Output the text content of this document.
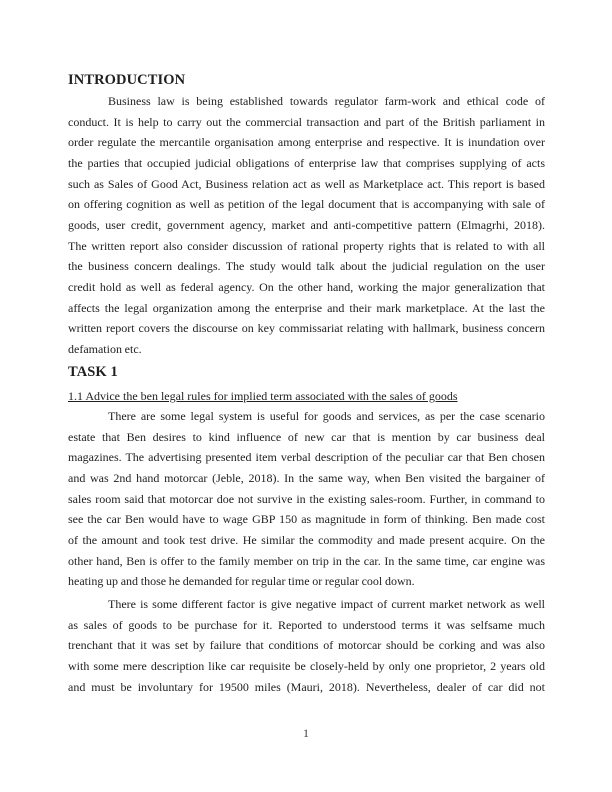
INTRODUCTION
Business law is being established towards regulator farm-work and ethical code of
conduct. It is help to carry out the commercial transaction and part of the British parliament in
order regulate the mercantile organisation among enterprise and respective. It is inundation over
the parties that occupied judicial obligations of enterprise law that comprises supplying of acts
such as Sales of Good Act, Business relation act as well as Marketplace act. This report is based
on offering cognition as well as petition of the legal document that is accompanying with sale of
goods, user credit, government agency, market and anti-competitive pattern (Elmagrhi, 2018).
The written report also consider discussion of rational property rights that is related to with all
the business concern dealings. The study would talk about the judicial regulation on the user
credit hold as well as federal agency. On the other hand, working the major generalization that
affects the legal organization among the enterprise and their mark marketplace. At the last the
written report covers the discourse on key commissariat relating with hallmark, business concern
defamation etc.
TASK 1
1.1 Advice the ben legal rules for implied term associated with the sales of goods
There are some legal system is useful for goods and services, as per the case scenario
estate that Ben desires to kind influence of new car that is mention by car business deal
magazines. The advertising presented item verbal description of the peculiar car that Ben chosen
and was 2nd hand motorcar (Jeble, 2018). In the same way, when Ben visited the bargainer of
sales room said that motorcar doe not survive in the existing sales-room. Further, in command to
see the car Ben would have to wage GBP 150 as magnitude in form of thinking. Ben made cost
of the amount and took test drive. He similar the commodity and made present acquire. On the
other hand, Ben is offer to the family member on trip in the car. In the same time, car engine was
heating up and those he demanded for regular time or regular cool down.
There is some different factor is give negative impact of current market network as well
as sales of goods to be purchase for it. Reported to understood terms it was selfsame much
trenchant that it was set by failure that conditions of motorcar should be corking and was also
with some mere description like car requisite be closely-held by only one proprietor, 2 years old
and must be involuntary for 19500 miles (Mauri, 2018). Nevertheless, dealer of car did not
1
